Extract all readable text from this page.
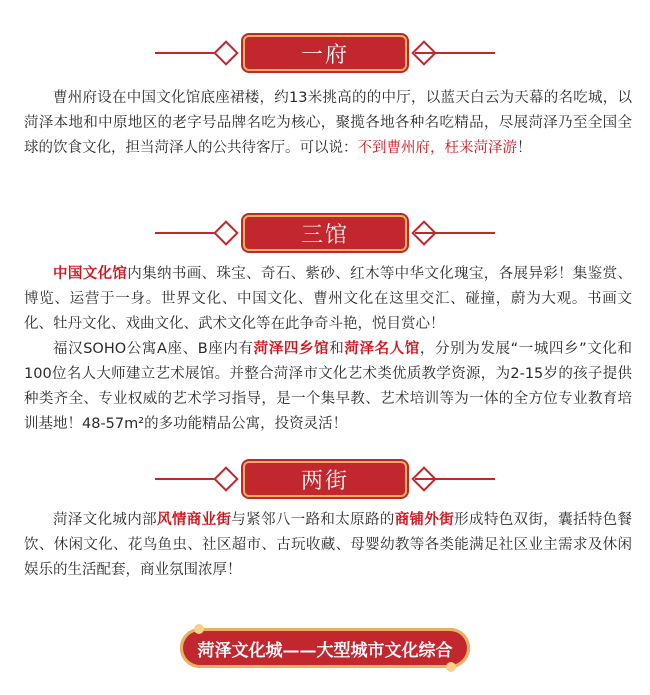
一府

曹州府设在中国文化馆底座裙楼，约13米挑高的的中厅，以蓝天白云为天幕的名吃城，以菏泽本地和中原地区的老字号品牌名吃为核心，聚揽各地各种名吃精品，尽展菏泽乃至全国全球的饮食文化，担当菏泽人的公共待客厅。可以说：不到曹州府，枉来菏泽游！

三馆

中国文化馆内集纳书画、珠宝、奇石、紫砂、红木等中华文化瑰宝，各展异彩！集鉴赏、博览、运营于一身。世界文化、中国文化、曹州文化在这里交汇、碰撞，蔚为大观。书画文化、牡丹文化、戏曲文化、武术文化等在此争奇斗艳，悦目赏心！

福汉SOHO公寓A座、B座内有菏泽四乡馆和菏泽名人馆，分别为发展“一城四乡”文化和100位名人大师建立艺术展馆。并整合菏泽市文化艺术类优质教学资源，为2-15岁的孩子提供种类齐全、专业权威的艺术学习指导，是一个集早教、艺术培训等为一体的全方位专业教育培训基地！48-57m²的多功能精品公寓，投资灵活！

两街

菏泽文化城内部风情商业街与紧邻八一路和太原路的商铺外街形成特色双街，囊括特色餐饮、休闲文化、花鸟鱼虫、社区超市、古玩收藏、母婴幼教等各类能满足社区业主需求及休闲娱乐的生活配套，商业氛围浓厚！

菏泽文化城——大型城市文化综合
